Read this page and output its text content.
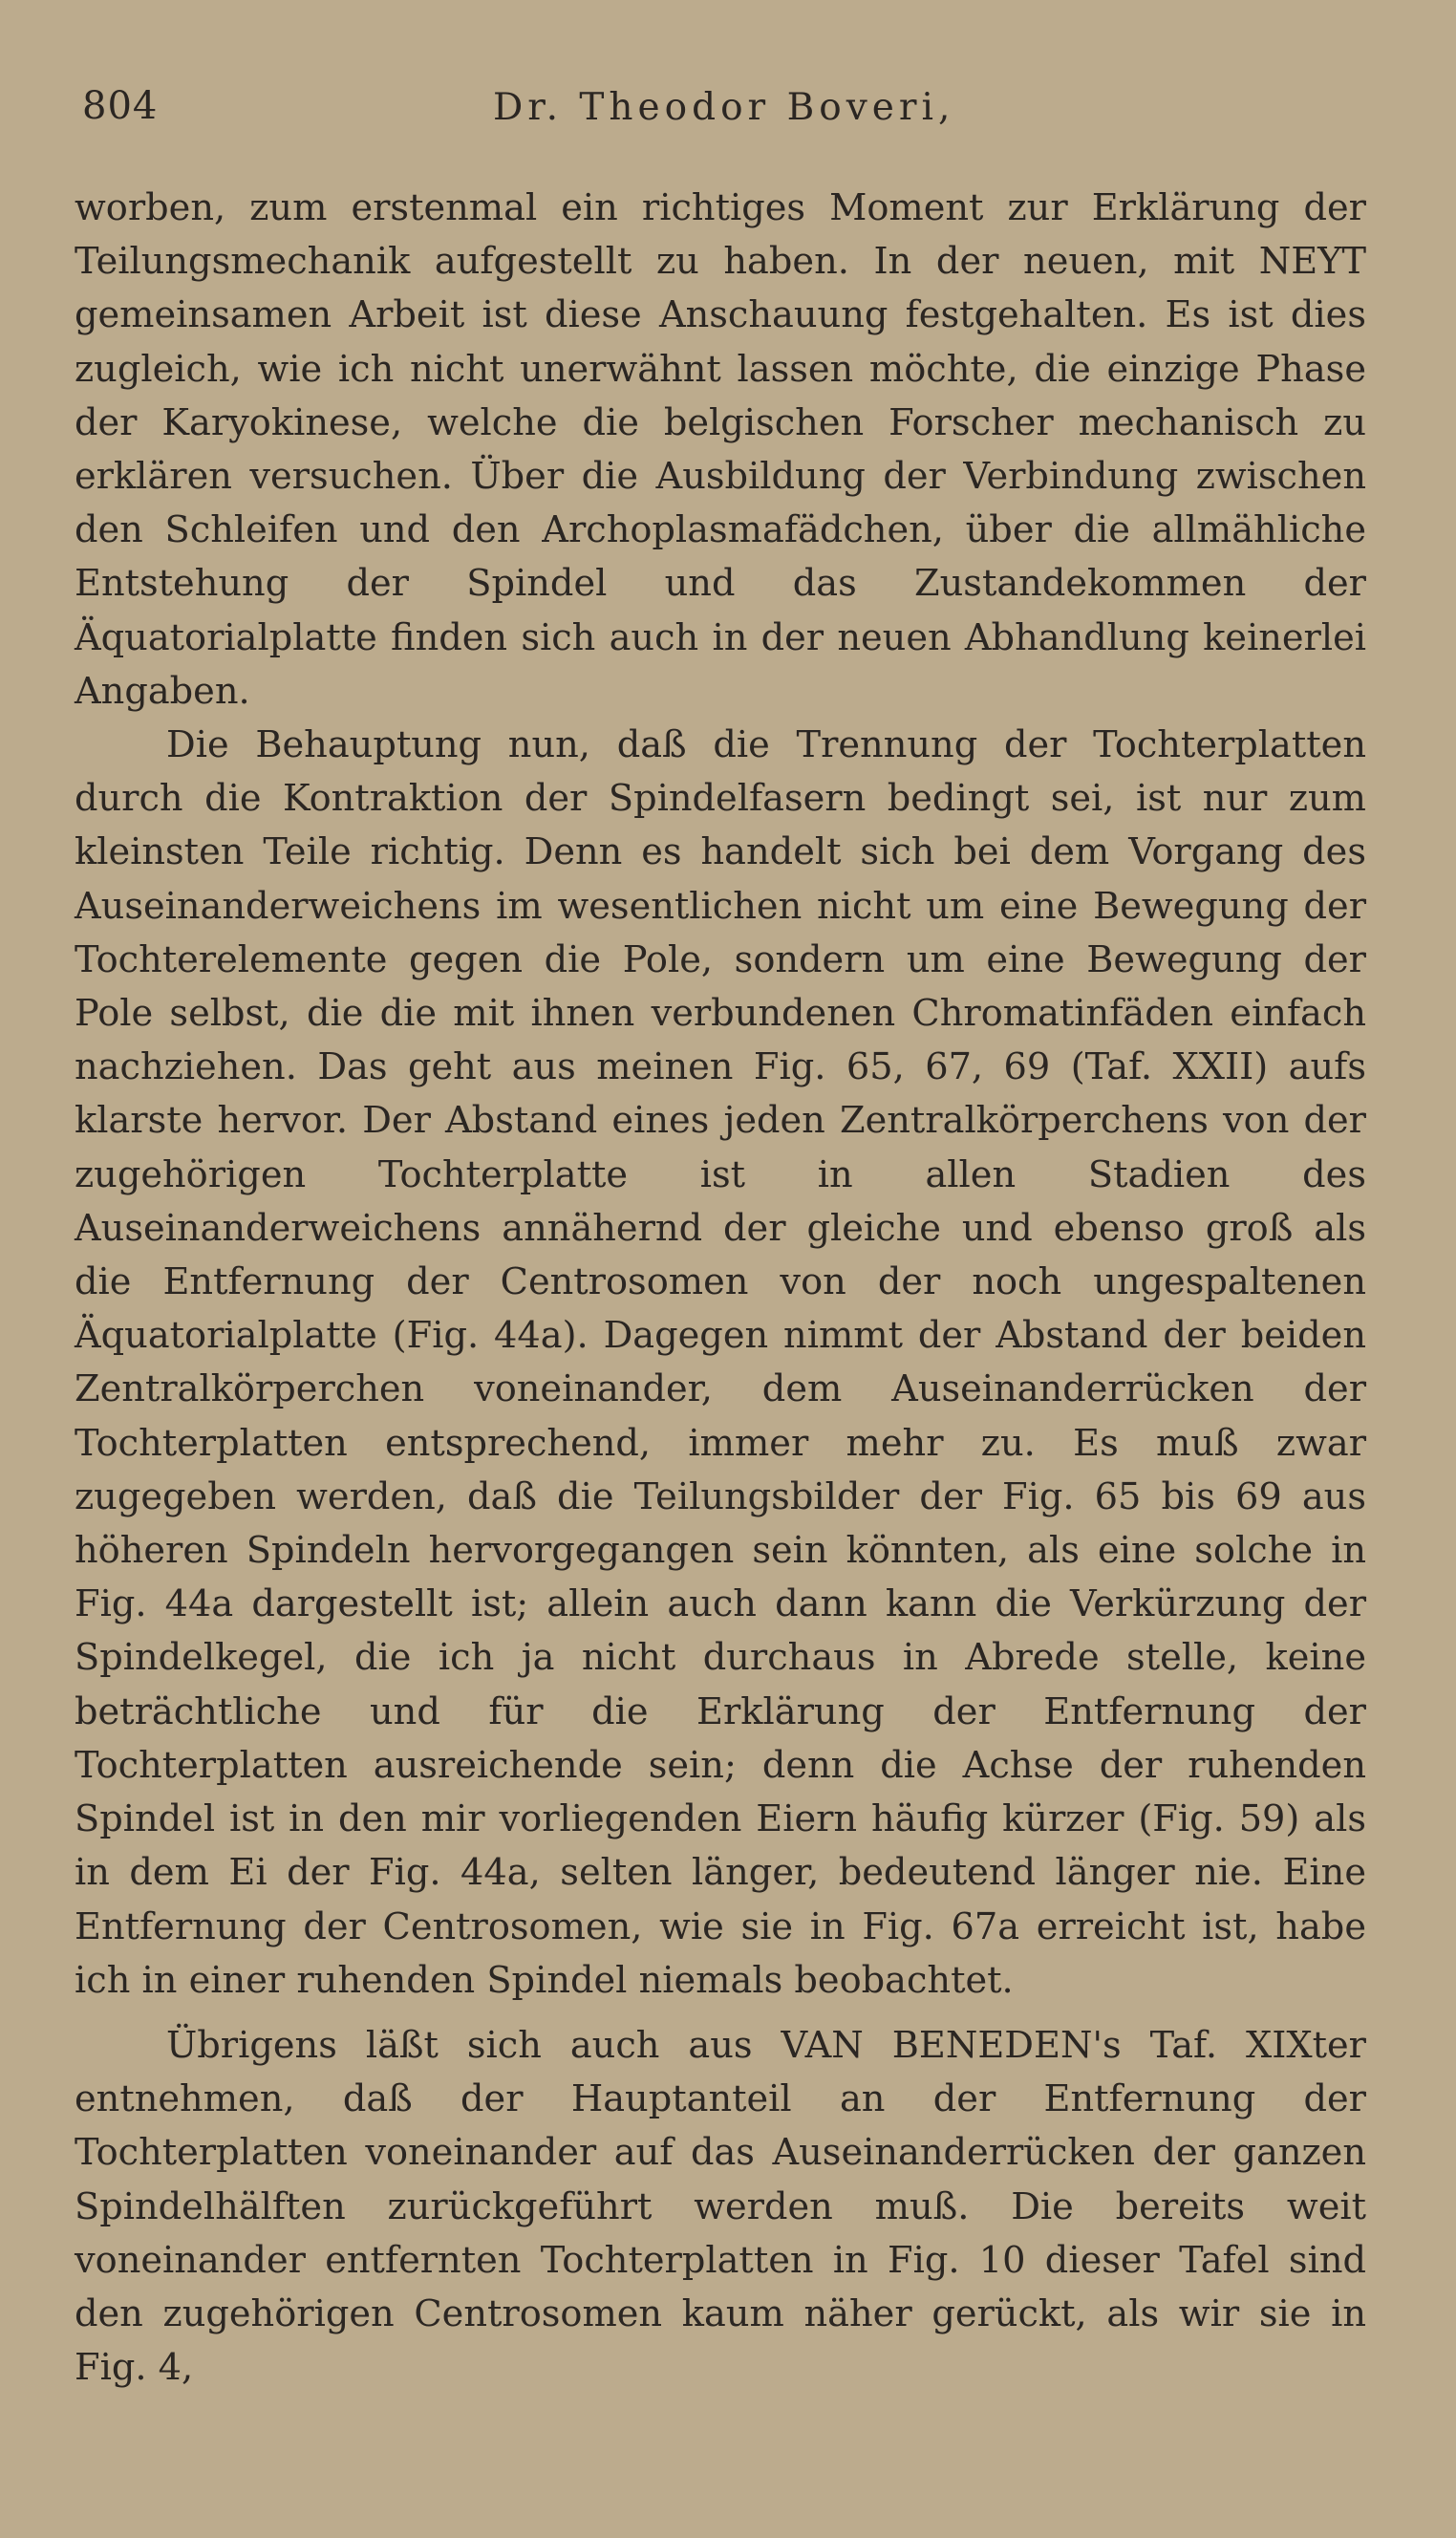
804	Dr. Theodor Boveri,

worben, zum erstenmal ein richtiges Moment zur Erklärung der Teilungsmechanik aufgestellt zu haben. In der neuen, mit NEYT gemeinsamen Arbeit ist diese Anschauung festgehalten. Es ist dies zugleich, wie ich nicht unerwähnt lassen möchte, die einzige Phase der Karyokinese, welche die belgischen Forscher mechanisch zu erklären versuchen. Über die Ausbildung der Verbindung zwischen den Schleifen und den Archoplasmafädchen, über die allmähliche Entstehung der Spindel und das Zustandekommen der Äquatorialplatte finden sich auch in der neuen Abhandlung keinerlei Angaben.

Die Behauptung nun, daß die Trennung der Tochterplatten durch die Kontraktion der Spindelfasern bedingt sei, ist nur zum kleinsten Teile richtig. Denn es handelt sich bei dem Vorgang des Auseinanderweichens im wesentlichen nicht um eine Bewegung der Tochterelemente gegen die Pole, sondern um eine Bewegung der Pole selbst, die die mit ihnen verbundenen Chromatinfäden einfach nachziehen. Das geht aus meinen Fig. 65, 67, 69 (Taf. XXII) aufs klarste hervor. Der Abstand eines jeden Zentralkörperchens von der zugehörigen Tochterplatte ist in allen Stadien des Auseinanderweichens annähernd der gleiche und ebenso groß als die Entfernung der Centrosomen von der noch ungespaltenen Äquatorialplatte (Fig. 44a). Dagegen nimmt der Abstand der beiden Zentralkörperchen voneinander, dem Auseinanderrücken der Tochterplatten entsprechend, immer mehr zu. Es muß zwar zugegeben werden, daß die Teilungsbilder der Fig. 65 bis 69 aus höheren Spindeln hervorgegangen sein könnten, als eine solche in Fig. 44a dargestellt ist; allein auch dann kann die Verkürzung der Spindelkegel, die ich ja nicht durchaus in Abrede stelle, keine beträchtliche und für die Erklärung der Entfernung der Tochterplatten ausreichende sein; denn die Achse der ruhenden Spindel ist in den mir vorliegenden Eiern häufig kürzer (Fig. 59) als in dem Ei der Fig. 44a, selten länger, bedeutend länger nie. Eine Entfernung der Centrosomen, wie sie in Fig. 67a erreicht ist, habe ich in einer ruhenden Spindel niemals beobachtet.

Übrigens läßt sich auch aus VAN BENEDEN's Taf. XIXter entnehmen, daß der Hauptanteil an der Entfernung der Tochterplatten voneinander auf das Auseinanderrücken der ganzen Spindelhälften zurückgeführt werden muß. Die bereits weit voneinander entfernten Tochterplatten in Fig. 10 dieser Tafel sind den zugehörigen Centrosomen kaum näher gerückt, als wir sie in Fig. 4,
